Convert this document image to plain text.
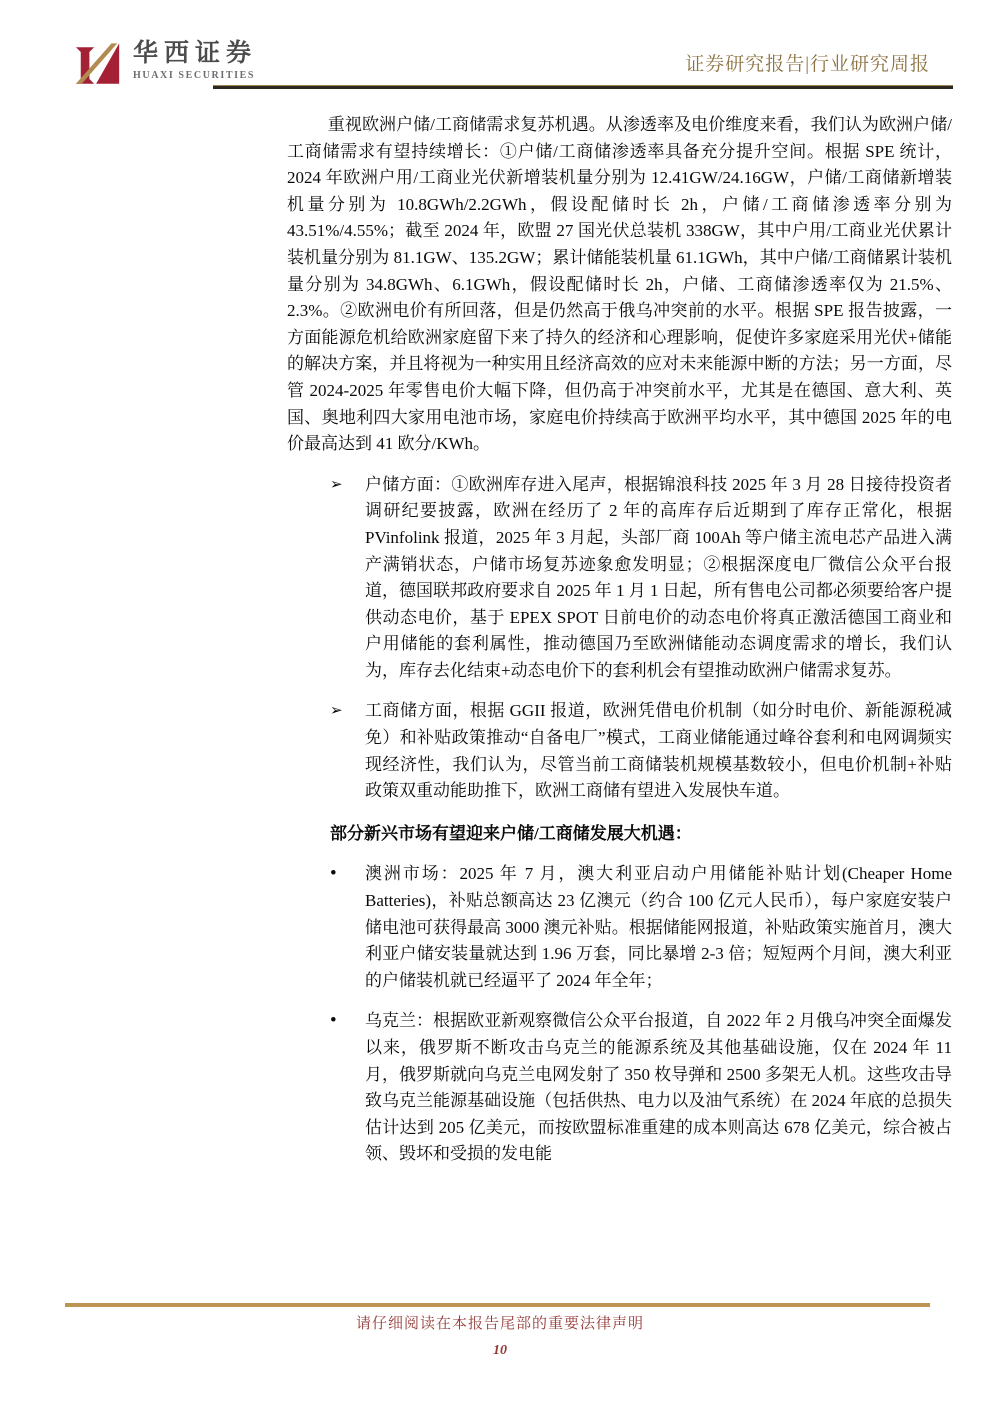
华西证券
HUAXI SECURITIES
证券研究报告|行业研究周报

重视欧洲户储/工商储需求复苏机遇。从渗透率及电价维度来看，我们认为欧洲户储/工商储需求有望持续增长：①户储/工商储渗透率具备充分提升空间。根据 SPE 统计，2024 年欧洲户用/工商业光伏新增装机量分别为 12.41GW/24.16GW，户储/工商储新增装机量分别为 10.8GWh/2.2GWh，假设配储时长 2h，户储/工商储渗透率分别为 43.51%/4.55%；截至 2024 年，欧盟 27 国光伏总装机 338GW，其中户用/工商业光伏累计装机量分别为 81.1GW、135.2GW；累计储能装机量 61.1GWh，其中户储/工商储累计装机量分别为 34.8GWh、6.1GWh，假设配储时长 2h，户储、工商储渗透率仅为 21.5%、2.3%。②欧洲电价有所回落，但是仍然高于俄乌冲突前的水平。根据 SPE 报告披露，一方面能源危机给欧洲家庭留下来了持久的经济和心理影响，促使许多家庭采用光伏+储能的解决方案，并且将视为一种实用且经济高效的应对未来能源中断的方法；另一方面，尽管 2024-2025 年零售电价大幅下降，但仍高于冲突前水平，尤其是在德国、意大利、英国、奥地利四大家用电池市场，家庭电价持续高于欧洲平均水平，其中德国 2025 年的电价最高达到 41 欧分/KWh。

➢	户储方面：①欧洲库存进入尾声，根据锦浪科技 2025 年 3 月 28 日接待投资者调研纪要披露，欧洲在经历了 2 年的高库存后近期到了库存正常化，根据 PVinfolink 报道，2025 年 3 月起，头部厂商 100Ah 等户储主流电芯产品进入满产满销状态，户储市场复苏迹象愈发明显；②根据深度电厂微信公众平台报道，德国联邦政府要求自 2025 年 1 月 1 日起，所有售电公司都必须要给客户提供动态电价，基于 EPEX SPOT 日前电价的动态电价将真正激活德国工商业和户用储能的套利属性，推动德国乃至欧洲储能动态调度需求的增长，我们认为，库存去化结束+动态电价下的套利机会有望推动欧洲户储需求复苏。
➢	工商储方面，根据 GGII 报道，欧洲凭借电价机制（如分时电价、新能源税减免）和补贴政策推动“自备电厂”模式，工商业储能通过峰谷套利和电网调频实现经济性，我们认为，尽管当前工商储装机规模基数较小，但电价机制+补贴政策双重动能助推下，欧洲工商储有望进入发展快车道。
部分新兴市场有望迎来户储/工商储发展大机遇：
•	澳洲市场：2025 年 7 月，澳大利亚启动户用储能补贴计划(Cheaper Home Batteries)，补贴总额高达 23 亿澳元（约合 100 亿元人民币），每户家庭安装户储电池可获得最高 3000 澳元补贴。根据储能网报道，补贴政策实施首月，澳大利亚户储安装量就达到 1.96 万套，同比暴增 2-3 倍；短短两个月间，澳大利亚的户储装机就已经逼平了 2024 年全年；
•	乌克兰：根据欧亚新观察微信公众平台报道，自 2022 年 2 月俄乌冲突全面爆发以来，俄罗斯不断攻击乌克兰的能源系统及其他基础设施，仅在 2024 年 11 月，俄罗斯就向乌克兰电网发射了 350 枚导弹和 2500 多架无人机。这些攻击导致乌克兰能源基础设施（包括供热、电力以及油气系统）在 2024 年底的总损失估计达到 205 亿美元，而按欧盟标准重建的成本则高达 678 亿美元，综合被占领、毁坏和受损的发电能
请仔细阅读在本报告尾部的重要法律声明
10
